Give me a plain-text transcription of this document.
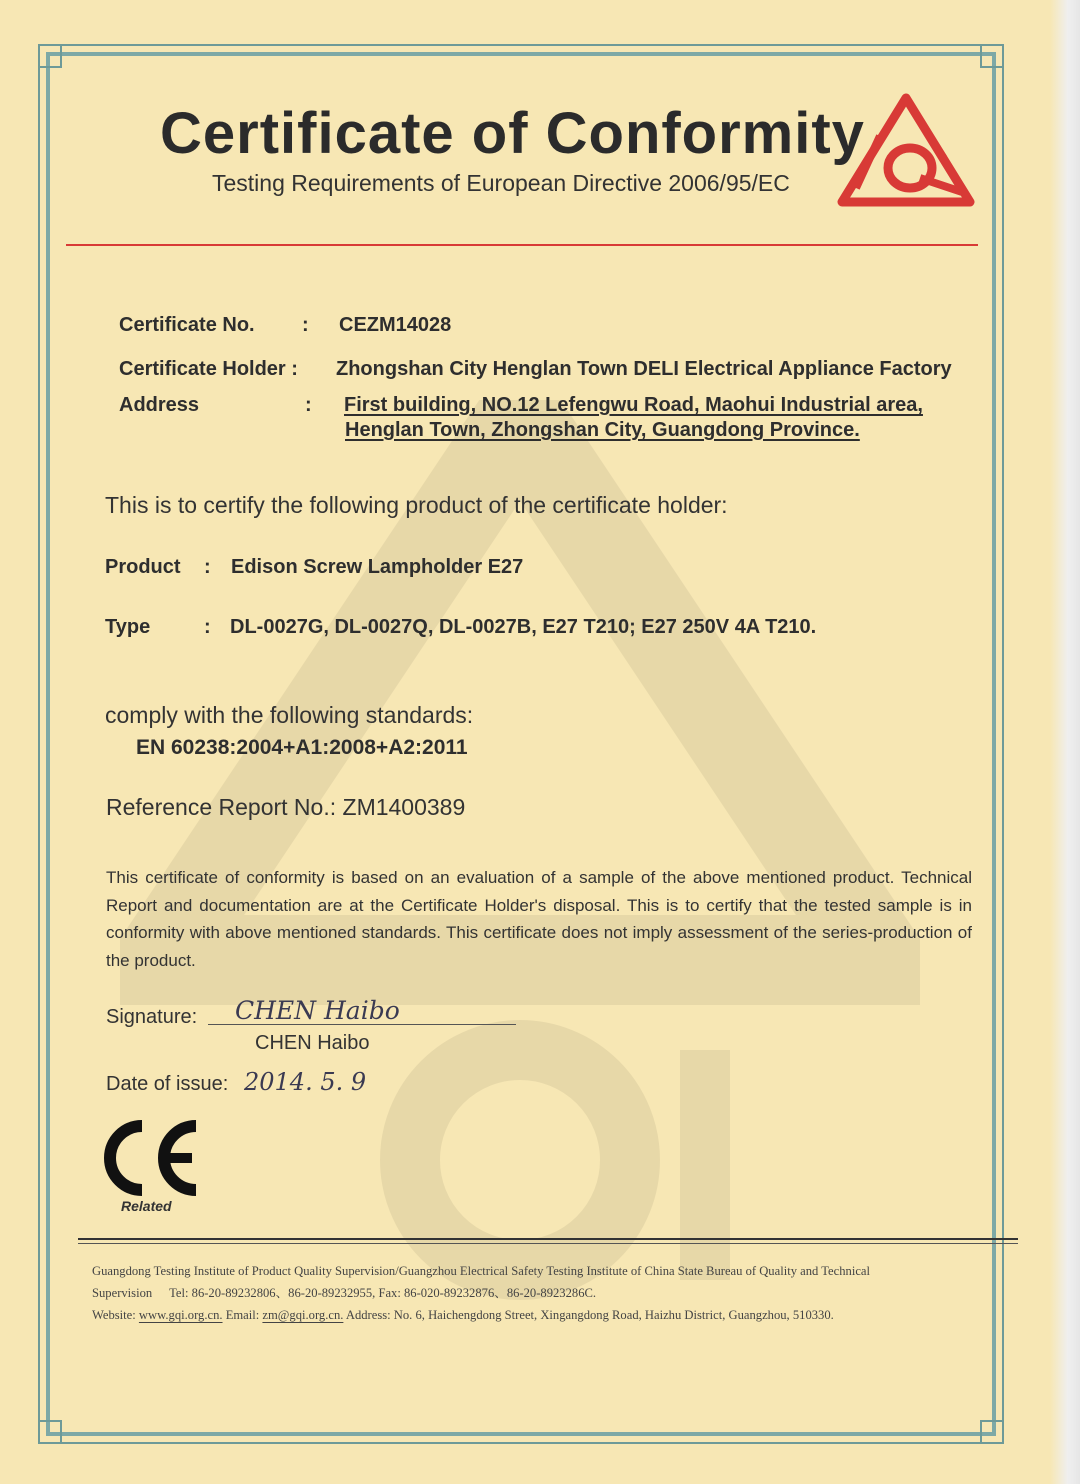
Certificate of Conformity
Testing Requirements of European Directive 2006/95/EC
Certificate No. : CEZM14028
Certificate Holder : Zhongshan City Henglan Town DELI Electrical Appliance Factory
Address	: First building, NO.12 Lefengwu Road, Maohui Industrial area,
Henglan Town, Zhongshan City, Guangdong Province.
This is to certify the following product of the certificate holder:
Product : Edison Screw Lampholder E27
Type	: DL-0027G, DL-0027Q, DL-0027B, E27 T210; E27 250V 4A T210.
comply with the following standards:
EN 60238:2004+A1:2008+A2:2011
Reference Report No.: ZM1400389
This certificate of conformity is based on an evaluation of a sample of the above mentioned product. Technical Report and documentation are at the Certificate Holder's disposal. This is to certify that the tested sample is in conformity with above mentioned standards. This certificate does not imply assessment of the series-production of the product.
Signature: CHEN Haibo
CHEN Haibo
Date of issue: 2014. 5. 9
Related
Guangdong Testing Institute of Product Quality Supervision/Guangzhou Electrical Safety Testing Institute of China State Bureau of Quality and Technical
Supervision Tel: 86-20-89232806、86-20-89232955, Fax: 86-020-89232876、86-20-8923286C.
Website: www.gqi.org.cn. Email: zm@gqi.org.cn. Address: No. 6, Haichengdong Street, Xingangdong Road, Haizhu District, Guangzhou, 510330.
